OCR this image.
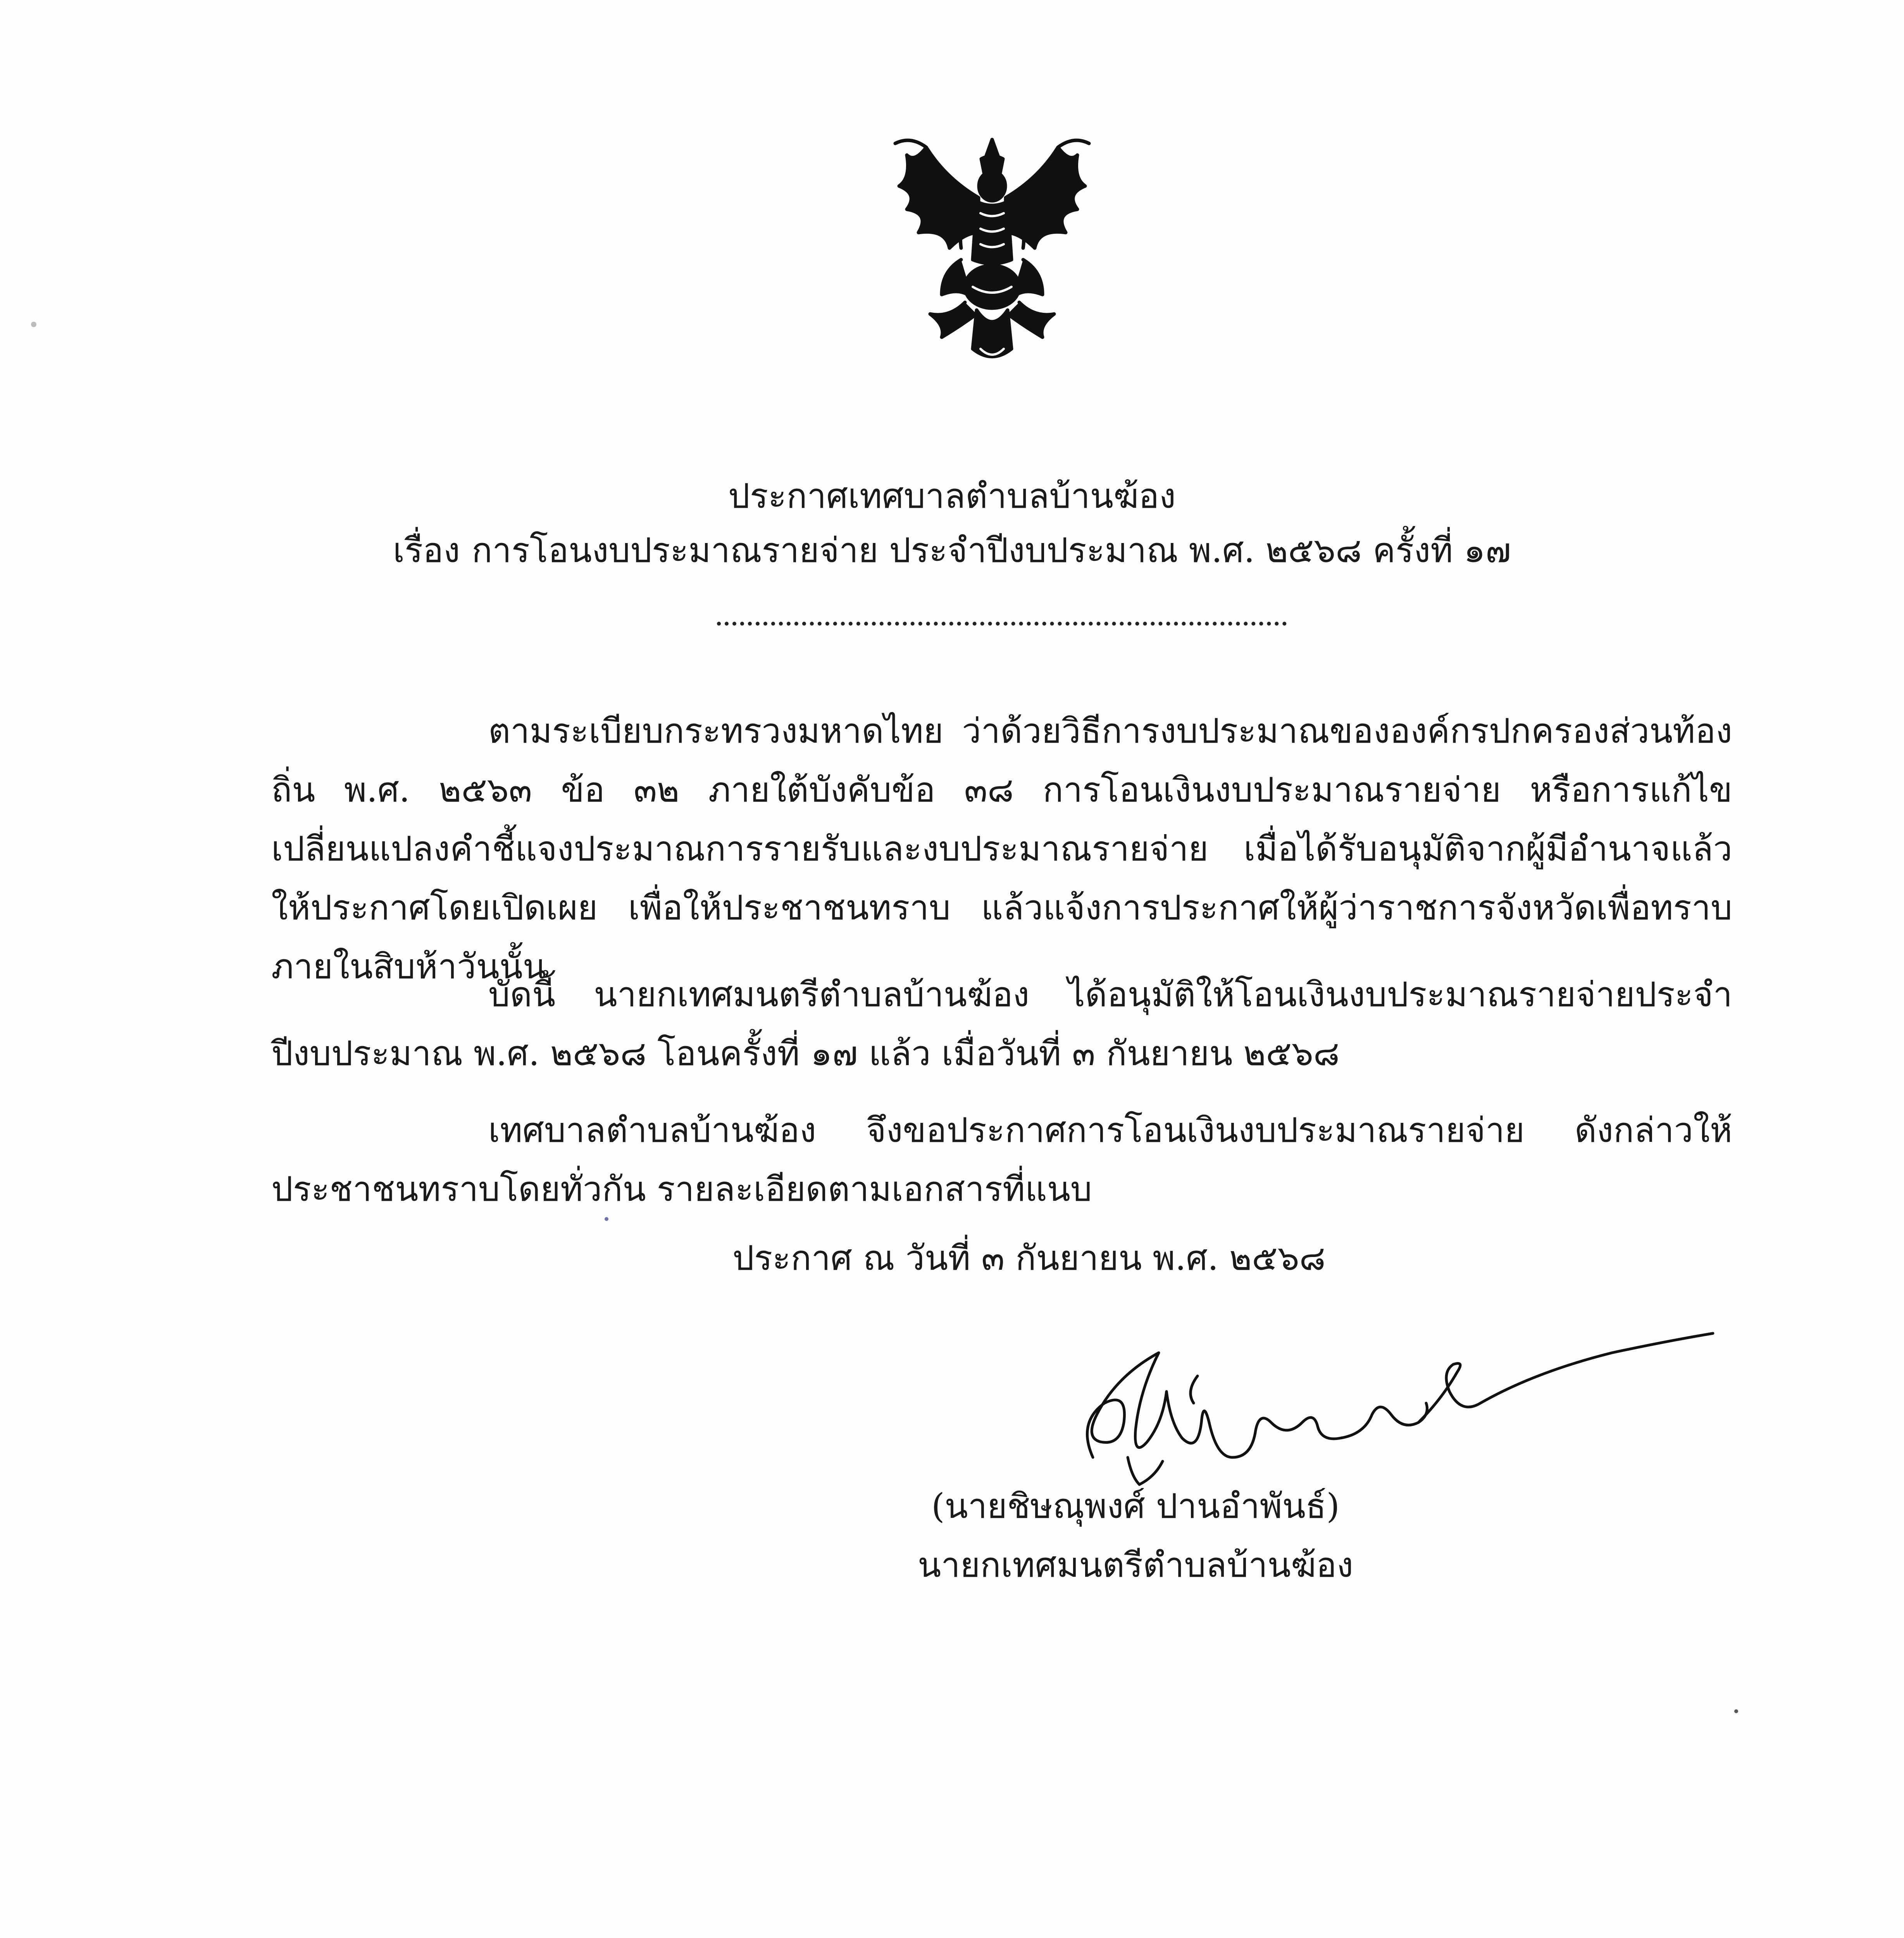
ประกาศเทศบาลตำบลบ้านฆ้อง

เรื่อง การโอนงบประมาณรายจ่าย ประจำปีงบประมาณ พ.ศ. ๒๕๖๘ ครั้งที่ ๑๗

ตามระเบียบกระทรวงมหาดไทย ว่าด้วยวิธีการงบประมาณขององค์กรปกครองส่วนท้องถิ่น พ.ศ. ๒๕๖๓ ข้อ ๓๒ ภายใต้บังคับข้อ ๓๘ การโอนเงินงบประมาณรายจ่าย หรือการแก้ไขเปลี่ยนแปลงคำชี้แจงประมาณการรายรับและงบประมาณรายจ่าย เมื่อได้รับอนุมัติจากผู้มีอำนาจแล้ว ให้ประกาศโดยเปิดเผย เพื่อให้ประชาชนทราบ แล้วแจ้งการประกาศให้ผู้ว่าราชการจังหวัดเพื่อทราบ ภายในสิบห้าวันนั้น

บัดนี้ นายกเทศมนตรีตำบลบ้านฆ้อง ได้อนุมัติให้โอนเงินงบประมาณรายจ่ายประจำปีงบประมาณ พ.ศ. ๒๕๖๘ โอนครั้งที่ ๑๗ แล้ว เมื่อวันที่ ๓ กันยายน ๒๕๖๘

เทศบาลตำบลบ้านฆ้อง จึงขอประกาศการโอนเงินงบประมาณรายจ่าย ดังกล่าวให้ประชาชนทราบโดยทั่วกัน รายละเอียดตามเอกสารที่แนบ

ประกาศ ณ วันที่ ๓ กันยายน พ.ศ. ๒๕๖๘
(นายชิษณุพงศ์ ปานอำพันธ์)
นายกเทศมนตรีตำบลบ้านฆ้อง
